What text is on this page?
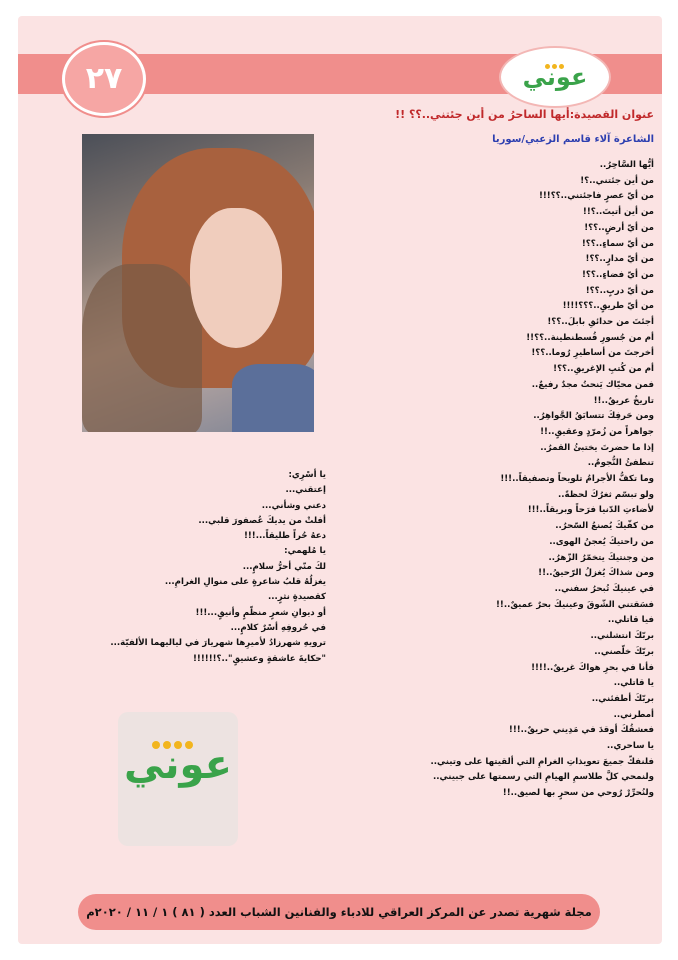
٢٧	عوني
عنوان القصيدة:أيها الساحرُ من أين جئتني..؟؟ !!
الشاعرة آلاء قاسم الزعبي/سوريا
أيُّها السَّاحِرُ..
من أين جئتني..؟!
من أيّ عصرٍ فاجئتني..؟؟!!!
من أين أتيتَ..؟!!
من أيّ أرضٍ..؟؟!
من أيّ سماءٍ..؟؟!
من أيّ مدارٍ..؟؟!
من أيّ فضاءٍ..؟؟!
من أيّ دربٍ..؟؟!
من أيّ طريقٍ..؟؟؟!!!!
أجئتَ من حدائقِ بابلَ..؟؟!
أم من جُسورِ قُسطنطينة..؟؟!!
أخرجتَ من أساطيرِ رُوما..؟؟!
أم من كُتبِ الإغريقِ..؟؟!
فمن محيّاك يَنحتُ مجدٌ رفيعٌ..
تاريخٌ عريقٌ..!!
ومن حَرفِكَ تتسابَقُ الجَّواهِرُ..
جواهراً من زُمرّدٍ وعقيقٍ..!!
إذا ما حضرتَ يختبئُ القمرُ..
تنطفئُ النُّجومُ..
وما تكفُّ الأجرامُ تلويحاً وتصفيقاً..!!!
ولو تبسّم ثغرُكَ لحظةً..
لأضاءتِ الدّنيا فرَحاً وبريقاً..!!!
من كفّيكَ يُصنعُ السّحرُ..
من راحتيكَ يُعجنُ الهوى..
من وجنتيكَ يتخمّرُ الزّهرُ..
ومن شذاكَ يُغزلُ الرّحيقُ..!!
في عينيكَ تُبحرُ سفني..
فسَقتني الشّوقَ وعينيكَ بحرٌ عميقٌ..!!
فيا قاتلي..
بربّكَ انتشلني..
بربّكَ خلّصني..
فأنا في بحرِ هواكَ غريقٌ..!!!!
يا قاتلي..
بربّكَ أطفئني..
أمطرني..
فعشقُكَ أوقدَ في مَدِيني حريقٌ..!!!
يا ساحري..
فلنفكّ جميعَ تعويذاتِ الغرامِ التي ألقيتها على وتيني..
ولنمحي كلَّ طلاسمِ الهيامِ التي رسمتها على جبيني..
ولنُحرِّرْ رُوحي من سحرٍ بها لصيق..!!
يا أسْرِي:
إعتقني...
دعني وشأني...
أفلتْ من يديكَ عُصفورَ قلبي...
دعهُ حُراً طليقاً...!!!
يا مُلهمي:
لكَ منّي أحرُّ سلامٍ...
يغزلُهُ قلبُ شاعرةٍ على منوالِ الغرامِ...
كقصيدةٍ نثرٍ...
أو ديوانِ شعرٍ منظّمٍ وأنيقٍ...!!!
في حُروفِهِ أسْرٌ كلامٍ...
ترويهِ شهرزادُ لأميرِها شهريارَ في لياليهما الألفيّة...
"حكايةَ عاشقةٍ وعشيقٍ"..؟!!!!!!
عوني
مجلة شهرية تصدر عن المركز العراقي للادباء والفنانين الشباب العدد ( ٨١ ) ١ / ١١ / ٢٠٢٠م
